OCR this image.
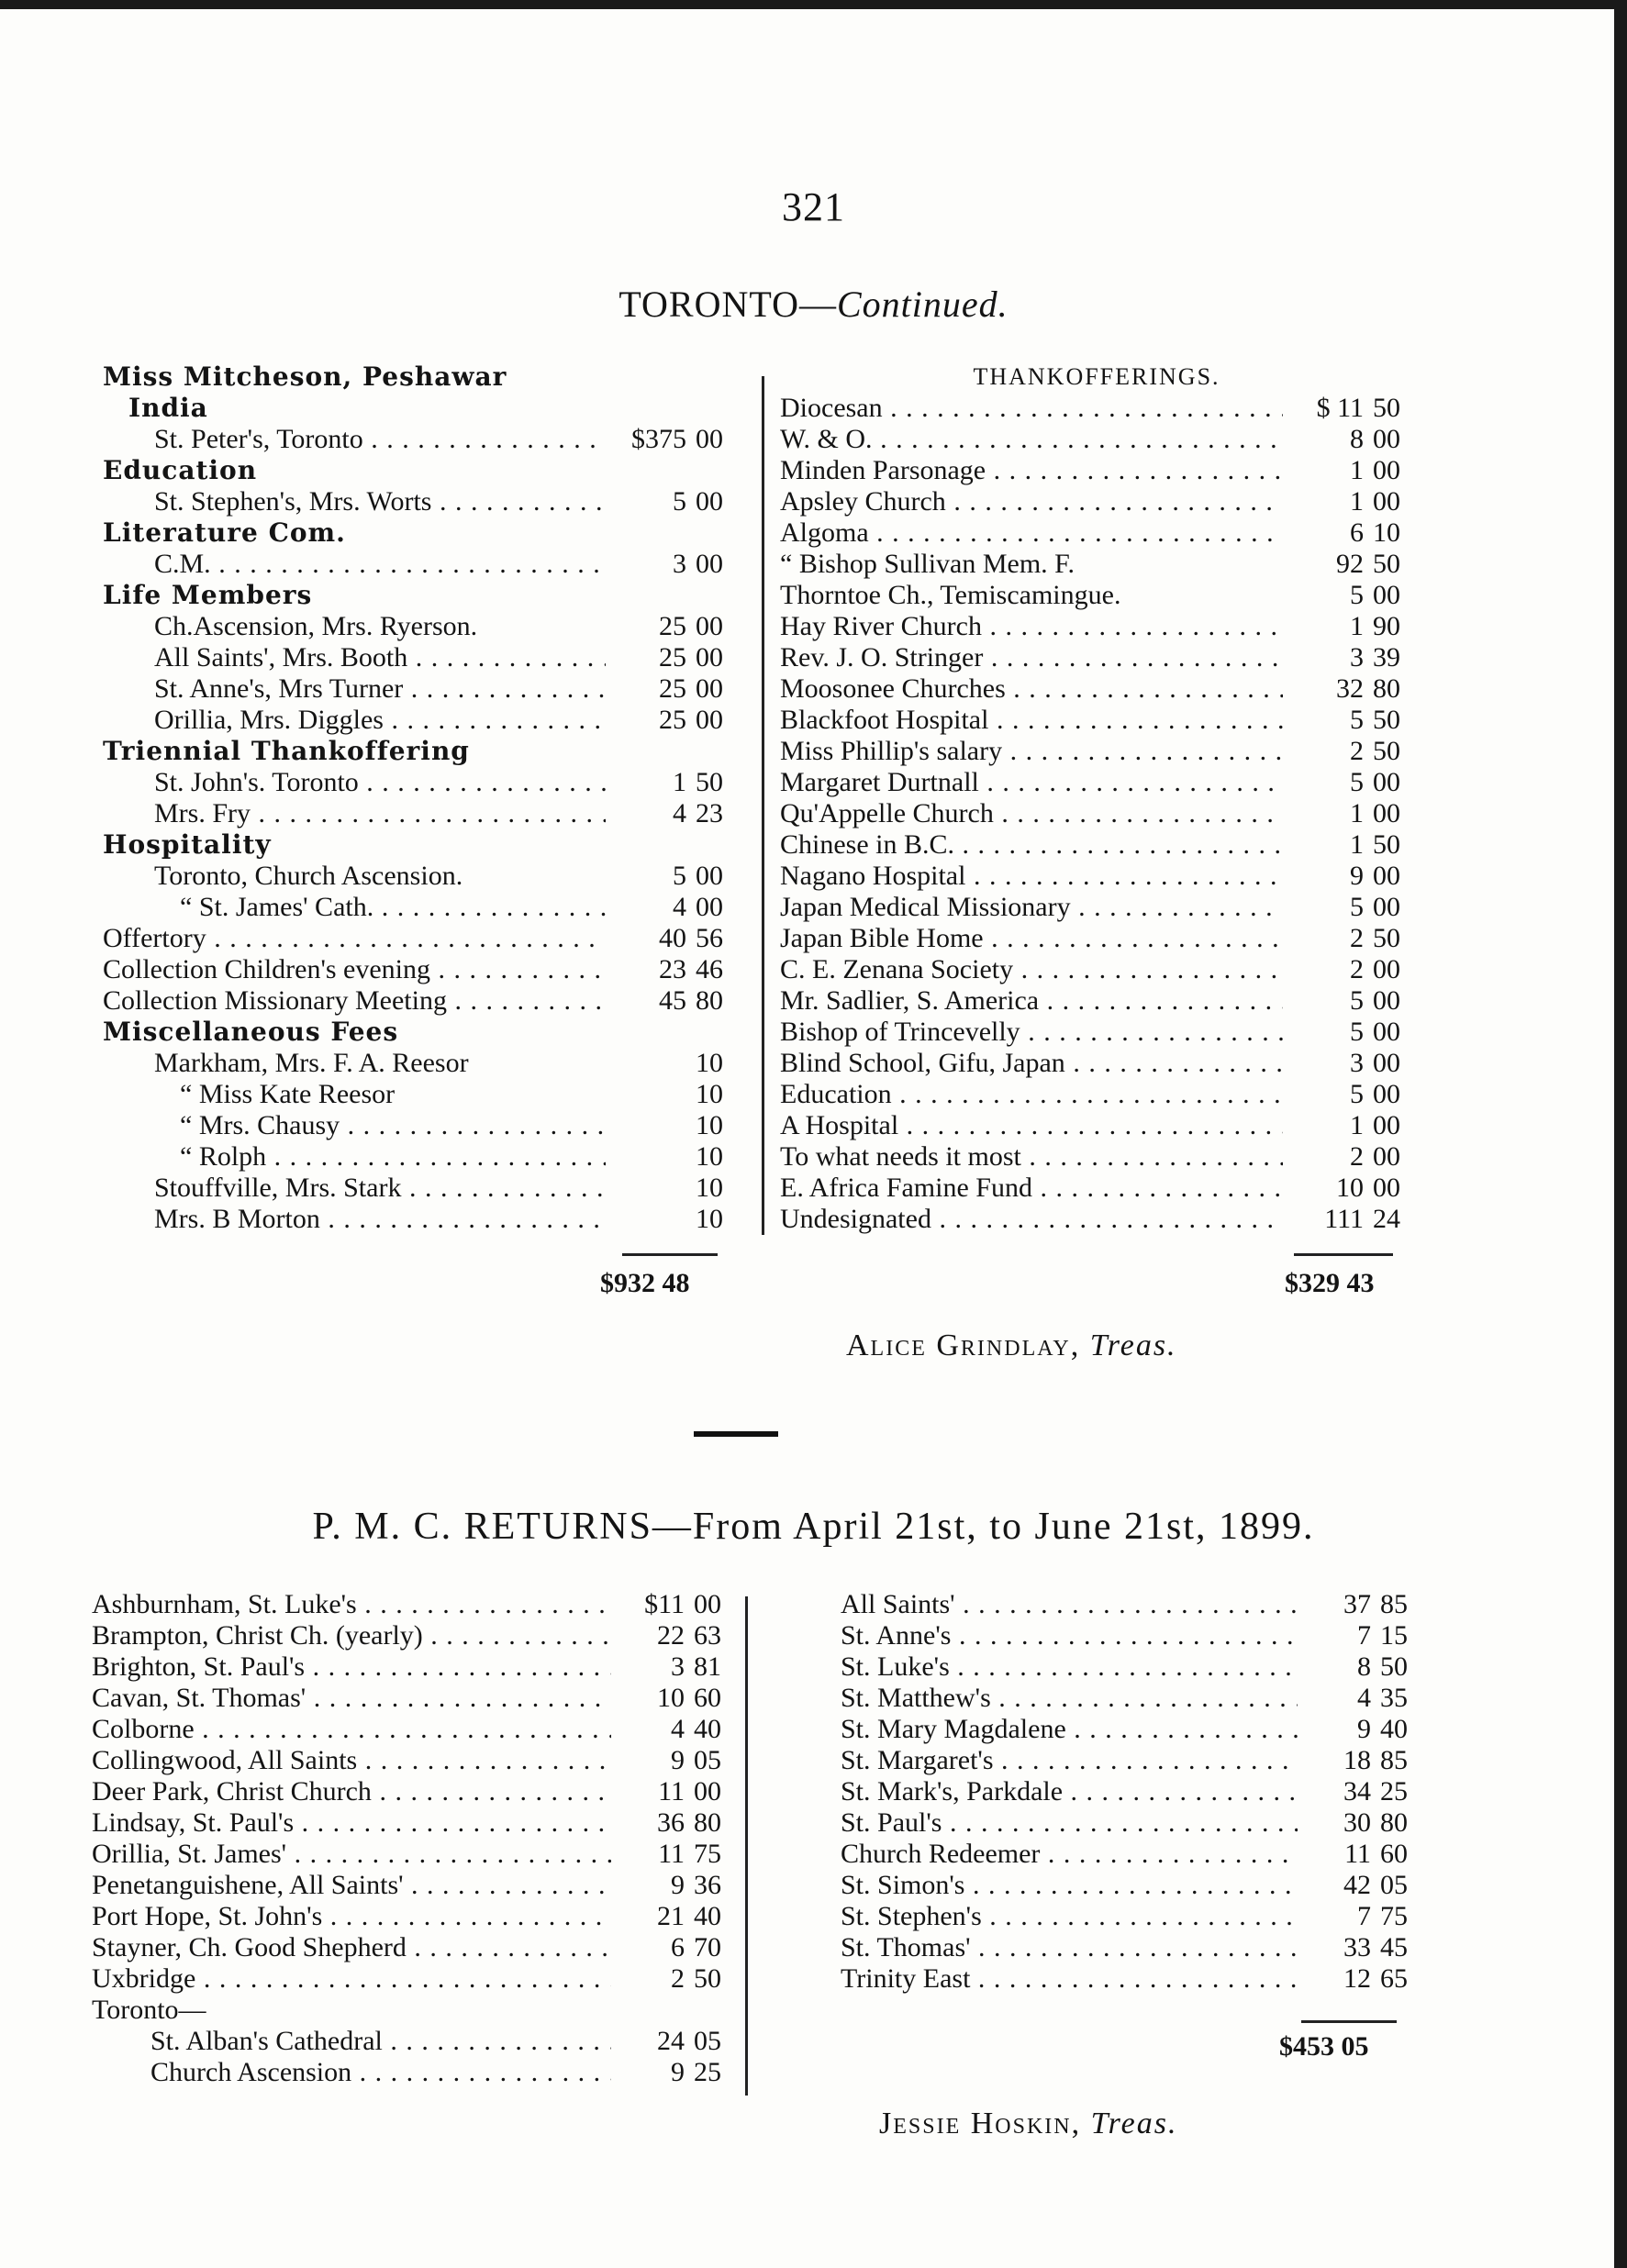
321
TORONTO—Continued.
Miss Mitcheson, Peshawar
India
St. Peter's, Toronto . . .	$375 00
Education
St. Stephen's, Mrs. Worts . . .	5 00
Literature Com.
C.M. . . .	3 00
Life Members
Ch.Ascension, Mrs. Ryerson.	25 00
All Saints', Mrs. Booth . . .	25 00
St. Anne's, Mrs Turner . . .	25 00
Orillia, Mrs. Diggles . . .	25 00
Triennial Thankoffering
St. John's. Toronto . . .	1 50
Mrs. Fry . . .	4 23
Hospitality
Toronto, Church Ascension.	5 00
“ St. James' Cath. . . .	4 00
Offertory . . .	40 56
Collection Children's evening . . .	23 46
Collection Missionary Meeting . . .	45 80
Miscellaneous Fees
Markham, Mrs. F. A. Reesor	10
“ Miss Kate Reesor	10
“ Mrs. Chausy . . .	10
“ Rolph . . .	10
Stouffville, Mrs. Stark . . .	10
Mrs. B Morton . . .	10
$932 48
THANKOFFERINGS.
Diocesan . . .	$ 11 50
W. & O. . . .	8 00
Minden Parsonage . . .	1 00
Apsley Church . . .	1 00
Algoma . . .	6 10
“ Bishop Sullivan Mem. F.	92 50
Thorntoe Ch., Temiscamingue.	5 00
Hay River Church . . .	1 90
Rev. J. O. Stringer . . .	3 39
Moosonee Churches . . .	32 80
Blackfoot Hospital . . .	5 50
Miss Phillip's salary . . .	2 50
Margaret Durtnall . . .	5 00
Qu'Appelle Church . . .	1 00
Chinese in B.C. . . .	1 50
Nagano Hospital . . .	9 00
Japan Medical Missionary . . .	5 00
Japan Bible Home . . .	2 50
C. E. Zenana Society . . .	2 00
Mr. Sadlier, S. America . . .	5 00
Bishop of Trincevelly . . .	5 00
Blind School, Gifu, Japan . . .	3 00
Education . . .	5 00
A Hospital . . .	1 00
To what needs it most . . .	2 00
E. Africa Famine Fund . . .	10 00
Undesignated . . .	111 24
$329 43
Alice Grindlay, Treas.
P. M. C. RETURNS—From April 21st, to June 21st, 1899.
Ashburnham, St. Luke's . . .	$11 00
Brampton, Christ Ch. (yearly) . . .	22 63
Brighton, St. Paul's . . .	3 81
Cavan, St. Thomas' . . .	10 60
Colborne . . .	4 40
Collingwood, All Saints . . .	9 05
Deer Park, Christ Church . . .	11 00
Lindsay, St. Paul's . . .	36 80
Orillia, St. James' . . .	11 75
Penetanguishene, All Saints' . . .	9 36
Port Hope, St. John's . . .	21 40
Stayner, Ch. Good Shepherd . . .	6 70
Uxbridge . . .	2 50
Toronto—
St. Alban's Cathedral . . .	24 05
Church Ascension . . .	9 25
All Saints' . . .	37 85
St. Anne's . . .	7 15
St. Luke's . . .	8 50
St. Matthew's . . .	4 35
St. Mary Magdalene . . .	9 40
St. Margaret's . . .	18 85
St. Mark's, Parkdale . . .	34 25
St. Paul's . . .	30 80
Church Redeemer . . .	11 60
St. Simon's . . .	42 05
St. Stephen's . . .	7 75
St. Thomas' . . .	33 45
Trinity East . . .	12 65
$453 05
Jessie Hoskin, Treas.
